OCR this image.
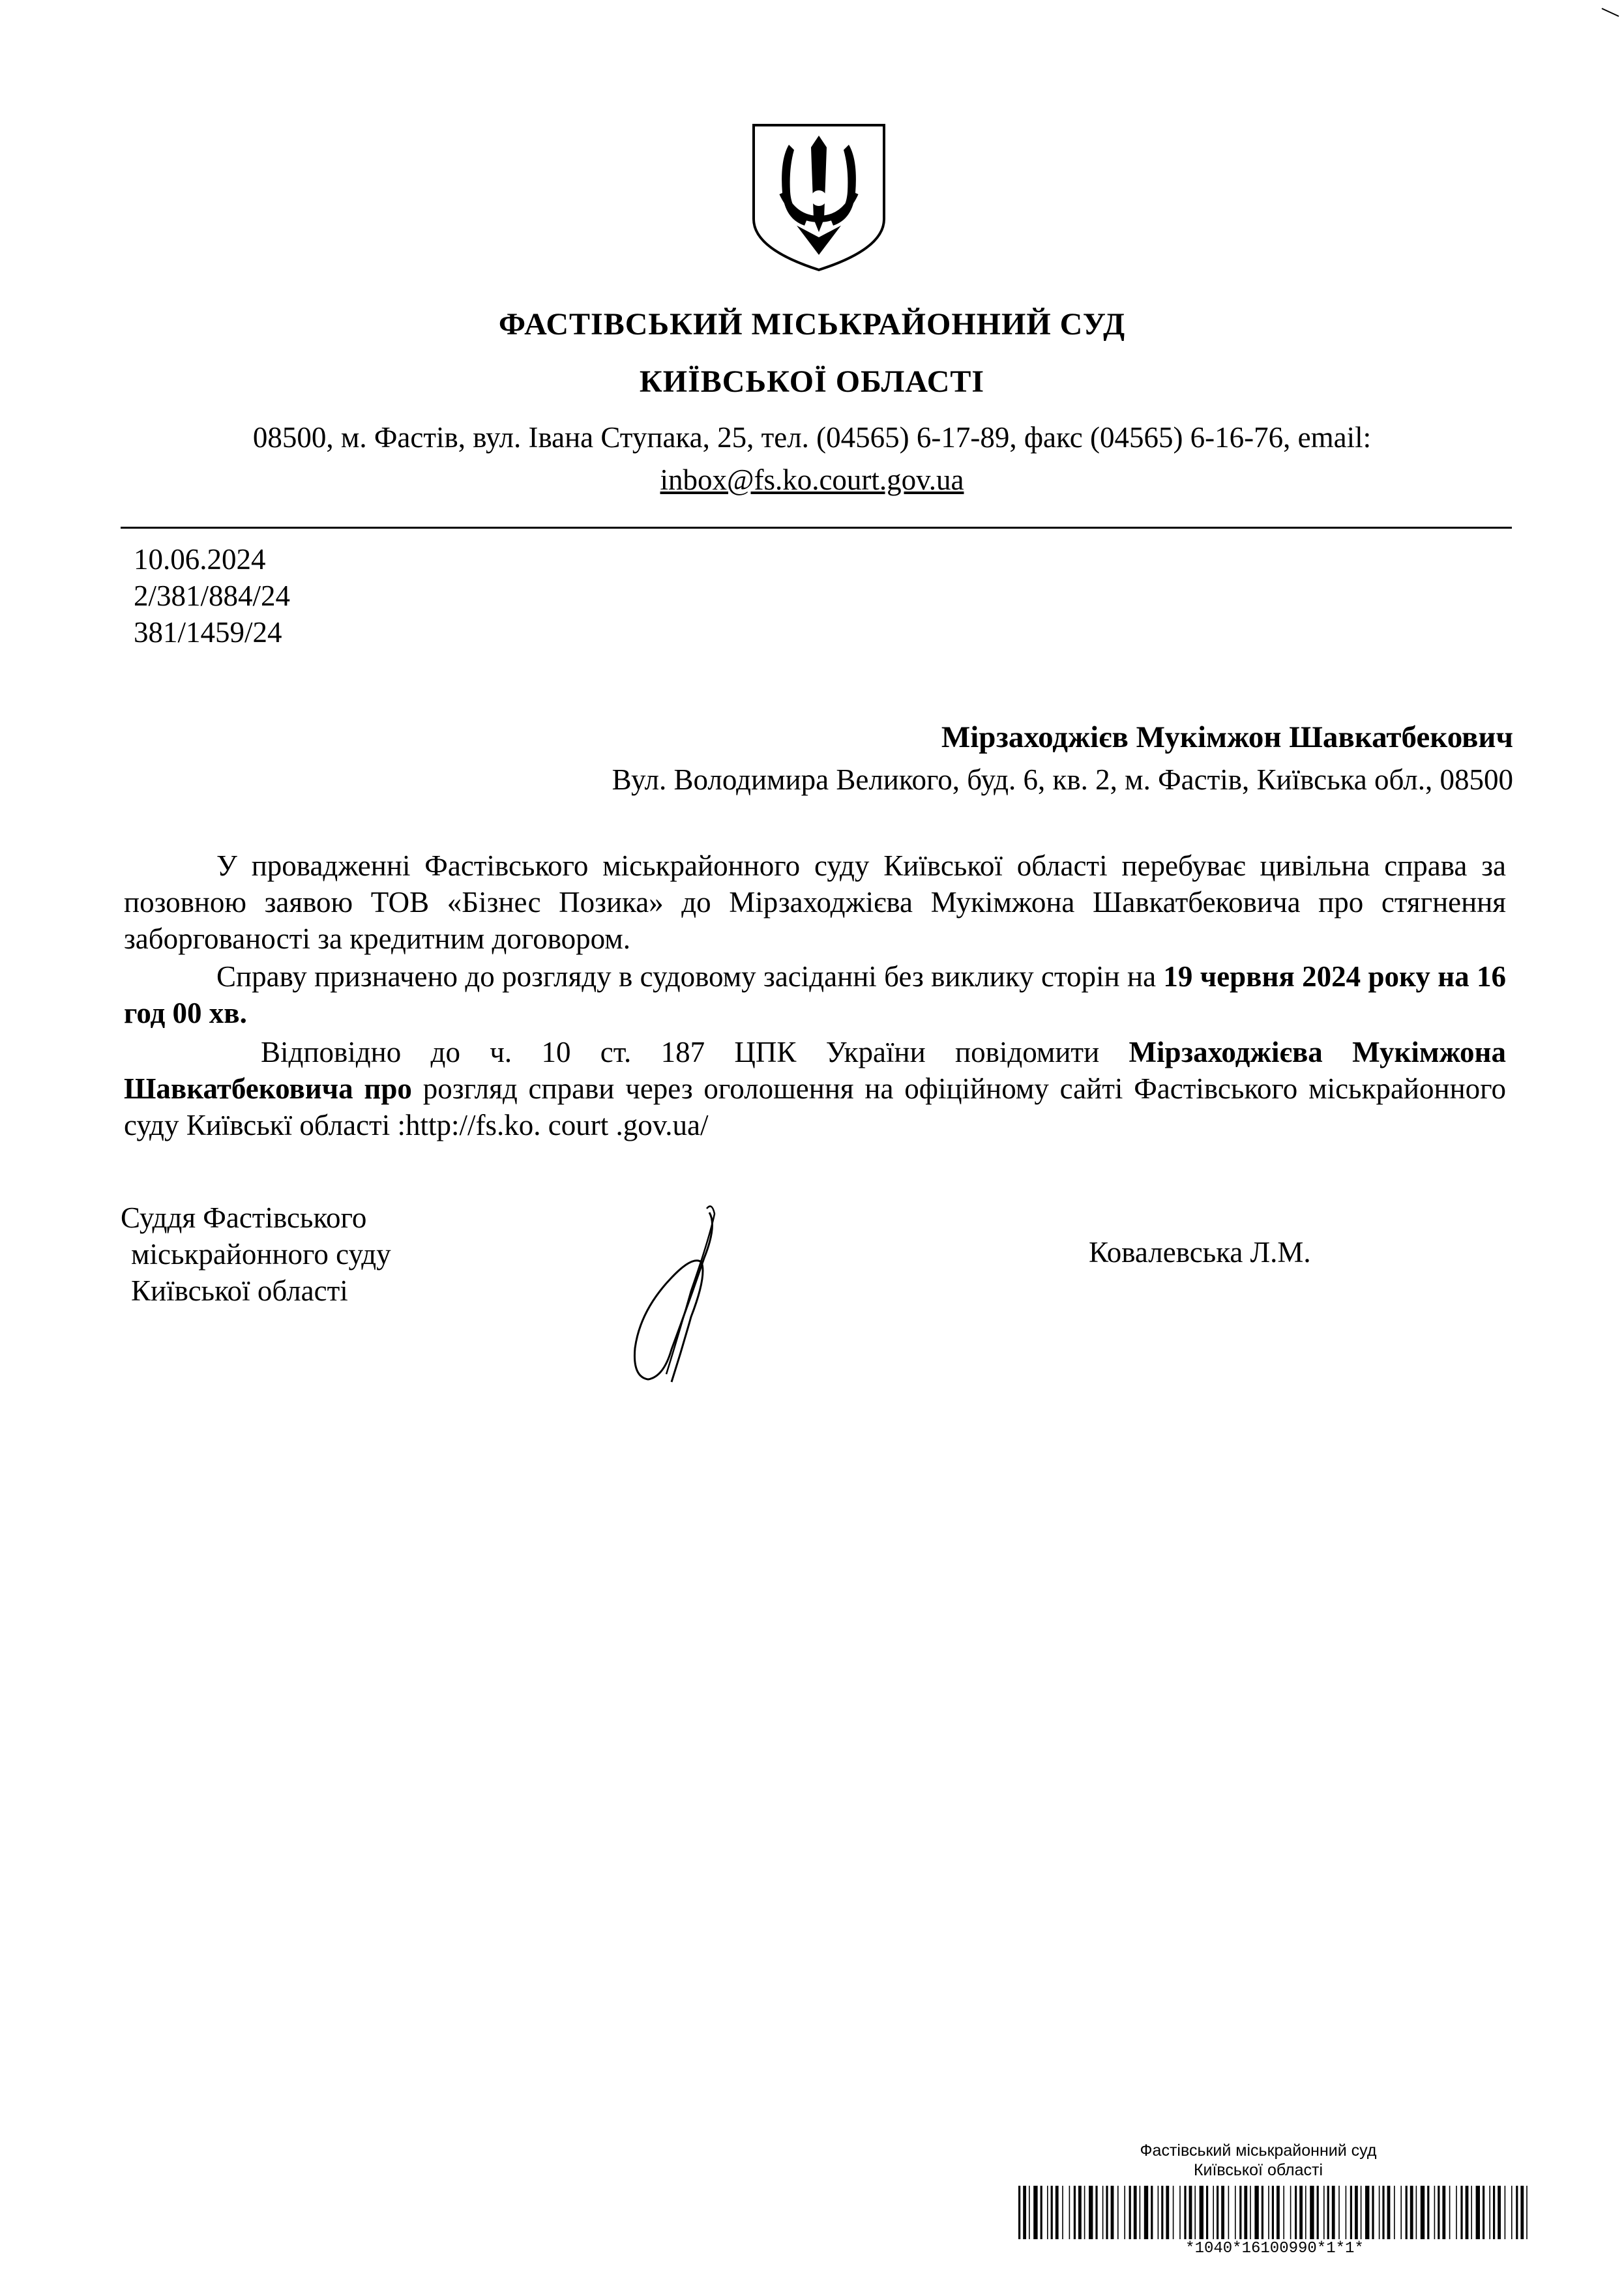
ФАСТІВСЬКИЙ МІСЬКРАЙОННИЙ СУД
КИЇВСЬКОЇ ОБЛАСТІ
08500, м. Фастів, вул. Івана Ступака, 25, тел. (04565) 6-17-89, факс (04565) 6-16-76, email:
inbox@fs.ko.court.gov.ua
10.06.2024
2/381/884/24
381/1459/24
Мірзаходжієв Мукімжон Шавкатбекович
Вул. Володимира Великого, буд. 6, кв. 2, м. Фастів, Київська обл., 08500
У провадженні Фастівського міськрайонного суду Київської області перебуває цивільна справа за позовною заявою ТОВ «Бізнес Позика» до Мірзаходжієва Мукімжона Шавкатбековича про стягнення заборгованості за кредитним договором.
Справу призначено до розгляду в судовому засіданні без виклику сторін на 19 червня 2024 року на 16 год 00 хв.
Відповідно до ч. 10 ст. 187 ЦПК України повідомити Мірзаходжієва Мукімжона Шавкатбековича про розгляд справи через оголошення на офіційному сайті Фастівського міськрайонного суду Київськї області :http://fs.ko. court .gov.ua/
Суддя Фастівського
міськрайонного суду
Київської області
Ковалевська Л.М.
Фастівський міськрайонний суд
Київської області
*1040*16100990*1*1*
